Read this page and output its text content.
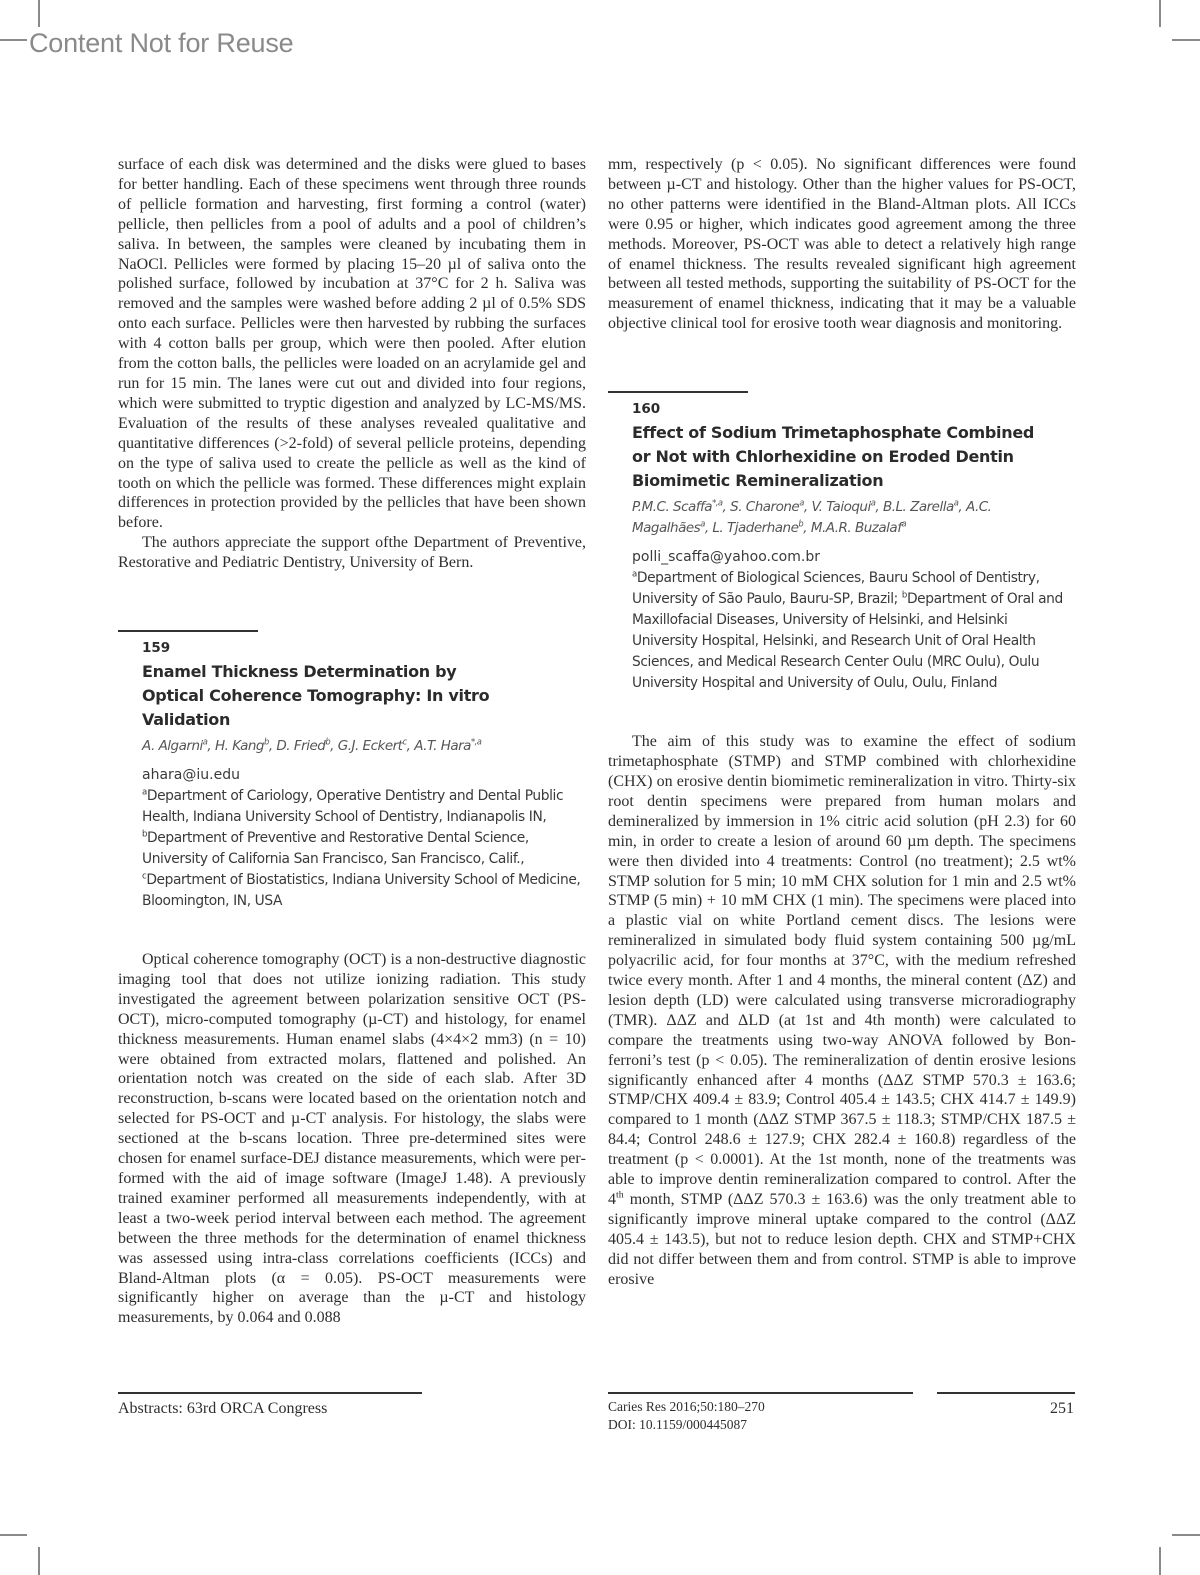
Content Not for Reuse

surface of each disk was determined and the disks were glued to bases for better handling. Each of these specimens went through three rounds of pellicle formation and harvesting, first forming a control (water) pellicle, then pellicles from a pool of adults and a pool of children’s saliva. In between, the samples were cleaned by incubating them in NaOCl. Pellicles were formed by placing 15–20 µl of saliva onto the polished surface, followed by incubation at 37°C for 2 h. Saliva was removed and the samples were washed before adding 2 µl of 0.5% SDS onto each surface. Pellicles were then harvested by rubbing the surfaces with 4 cotton balls per group, which were then pooled. After elution from the cotton balls, the pellicles were loaded on an acrylamide gel and run for 15 min. The lanes were cut out and divided into four regions, which were submitted to tryptic digestion and analyzed by LC-MS/MS. Evaluation of the results of these analyses revealed qualitative and quantitative differences (>2-fold) of several pellicle proteins, depending on the type of saliva used to create the pellicle as well as the kind of tooth on which the pellicle was formed. These differences might explain differences in protection provided by the pellicles that have been shown before.

The authors appreciate the support ofthe Department of Preventive, Restorative and Pediatric Dentistry, University of Bern.

159
Enamel Thickness Determination by Optical Coherence Tomography: In vitro Validation
A. Algarni$^a$, H. Kang$^b$, D. Fried$^b$, G.J. Eckert$^c$, A.T. Hara$^{*,a}$
ahara@iu.edu
$^a$Department of Cariology, Operative Dentistry and Dental Public Health, Indiana University School of Dentistry, Indianapolis IN, $^b$Department of Preventive and Restorative Dental Science, University of California San Francisco, San Francisco, Calif., $^c$Department of Biostatistics, Indiana University School of Medicine, Bloomington, IN, USA

Optical coherence tomography (OCT) is a non-destructive diagnostic imaging tool that does not utilize ionizing radiation. This study investigated the agreement between polarization sensitive OCT (PS-OCT), micro-computed tomography (µ-CT) and histology, for enamel thickness measurements. Human enamel slabs (4×4×2 mm3) (n = 10) were obtained from extracted molars, flattened and polished. An orientation notch was created on the side of each slab. After 3D reconstruction, b-scans were located based on the orientation notch and selected for PS-OCT and µ-CT analysis. For histology, the slabs were sectioned at the b-scans location. Three pre-determined sites were chosen for enamel surface-DEJ distance measurements, which were performed with the aid of image software (ImageJ 1.48). A previously trained examiner performed all measurements independently, with at least a two-week period interval between each method. The agreement between the three methods for the determination of enamel thickness was assessed using intra-class correlations coefficients (ICCs) and Bland-Altman plots (α = 0.05). PS-OCT measurements were significantly higher on average than the µ-CT and histology measurements, by 0.064 and 0.088

mm, respectively (p < 0.05). No significant differences were found between µ-CT and histology. Other than the higher values for PS-OCT, no other patterns were identified in the Bland-Altman plots. All ICCs were 0.95 or higher, which indicates good agreement among the three methods. Moreover, PS-OCT was able to detect a relatively high range of enamel thickness. The results revealed significant high agreement between all tested methods, supporting the suitability of PS-OCT for the measurement of enamel thickness, indicating that it may be a valuable objective clinical tool for erosive tooth wear diagnosis and monitoring.

160
Effect of Sodium Trimetaphosphate Combined or Not with Chlorhexidine on Eroded Dentin Biomimetic Remineralization
P.M.C. Scaffa$^{*,a}$, S. Charone$^a$, V. Taioqui$^a$, B.L. Zarella$^a$, A.C. Magalhães$^a$, L. Tjaderhane$^b$, M.A.R. Buzalaf$^a$
polli_scaffa@yahoo.com.br
$^a$Department of Biological Sciences, Bauru School of Dentistry, University of São Paulo, Bauru-SP, Brazil; $^b$Department of Oral and Maxillofacial Diseases, University of Helsinki, and Helsinki University Hospital, Helsinki, and Research Unit of Oral Health Sciences, and Medical Research Center Oulu (MRC Oulu), Oulu University Hospital and University of Oulu, Oulu, Finland

The aim of this study was to examine the effect of sodium trimetaphosphate (STMP) and STMP combined with chlorhexidine (CHX) on erosive dentin biomimetic remineralization in vitro. Thirty-six root dentin specimens were prepared from human molars and demineralized by immersion in 1% citric acid solution (pH 2.3) for 60 min, in order to create a lesion of around 60 µm depth. The specimens were then divided into 4 treatments: Control (no treatment); 2.5 wt% STMP solution for 5 min; 10 mM CHX solution for 1 min and 2.5 wt% STMP (5 min) + 10 mM CHX (1 min). The specimens were placed into a plastic vial on white Portland cement discs. The lesions were remineralized in simulated body fluid system containing 500 µg/mL polyacrilic acid, for four months at 37°C, with the medium refreshed twice every month. After 1 and 4 months, the mineral content (ΔZ) and lesion depth (LD) were calculated using transverse microradiography (TMR). ΔΔZ and ΔLD (at 1st and 4th month) were calculated to compare the treatments using two-way ANOVA followed by Bonferroni’s test (p < 0.05). The remineralization of dentin erosive lesions significantly enhanced after 4 months (ΔΔZ STMP 570.3 ± 163.6; STMP/CHX 409.4 ± 83.9; Control 405.4 ± 143.5; CHX 414.7 ± 149.9) compared to 1 month (ΔΔZ STMP 367.5 ± 118.3; STMP/CHX 187.5 ± 84.4; Control 248.6 ± 127.9; CHX 282.4 ± 160.8) regardless of the treatment (p < 0.0001). At the 1st month, none of the treatments was able to improve dentin remineralization compared to control. After the 4th month, STMP (ΔΔZ 570.3 ± 163.6) was the only treatment able to significantly improve mineral uptake compared to the control (ΔΔZ 405.4 ± 143.5), but not to reduce lesion depth. CHX and STMP+CHX did not differ between them and from control. STMP is able to improve erosive

Abstracts: 63rd ORCA Congress	Caries Res 2016;50:180–270
DOI: 10.1159/000445087
251
